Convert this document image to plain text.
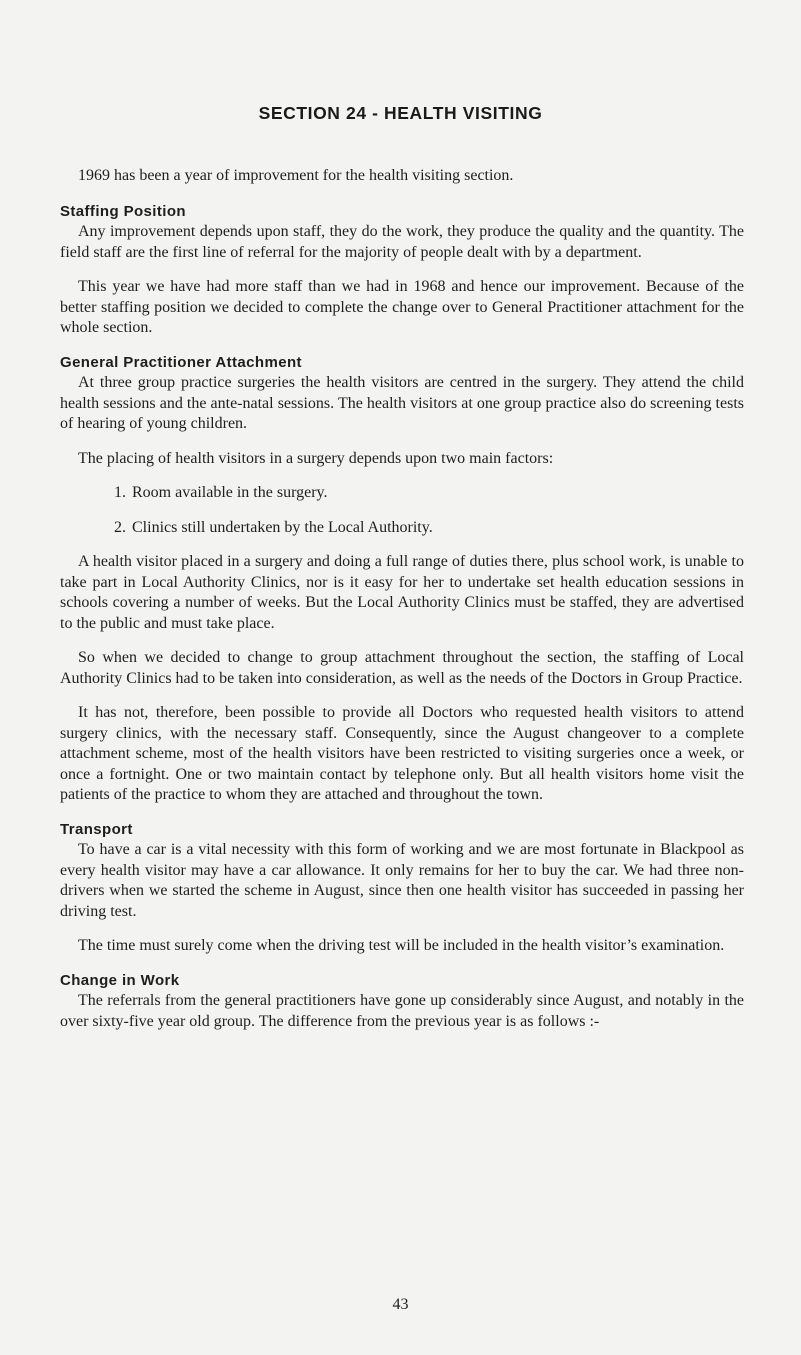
SECTION 24 - HEALTH VISITING

1969 has been a year of improvement for the health visiting section.

Staffing Position

Any improvement depends upon staff, they do the work, they produce the quality and the quantity. The field staff are the first line of referral for the majority of people dealt with by a department.

This year we have had more staff than we had in 1968 and hence our improvement. Because of the better staffing position we decided to complete the change over to General Practitioner attachment for the whole section.

General Practitioner Attachment

At three group practice surgeries the health visitors are centred in the surgery. They attend the child health sessions and the ante-natal sessions. The health visitors at one group practice also do screening tests of hearing of young children.

The placing of health visitors in a surgery depends upon two main factors:

1. Room available in the surgery.

2. Clinics still undertaken by the Local Authority.

A health visitor placed in a surgery and doing a full range of duties there, plus school work, is unable to take part in Local Authority Clinics, nor is it easy for her to undertake set health education sessions in schools covering a number of weeks. But the Local Authority Clinics must be staffed, they are advertised to the public and must take place.

So when we decided to change to group attachment throughout the section, the staffing of Local Authority Clinics had to be taken into consideration, as well as the needs of the Doctors in Group Practice.

It has not, therefore, been possible to provide all Doctors who requested health visitors to attend surgery clinics, with the necessary staff. Consequently, since the August changeover to a complete attachment scheme, most of the health visitors have been restricted to visiting surgeries once a week, or once a fortnight. One or two maintain contact by telephone only. But all health visitors home visit the patients of the practice to whom they are attached and throughout the town.

Transport

To have a car is a vital necessity with this form of working and we are most fortunate in Blackpool as every health visitor may have a car allowance. It only remains for her to buy the car. We had three non-drivers when we started the scheme in August, since then one health visitor has succeeded in passing her driving test.

The time must surely come when the driving test will be included in the health visitor’s examination.

Change in Work

The referrals from the general practitioners have gone up considerably since August, and notably in the over sixty-five year old group. The difference from the previous year is as follows :-

43
